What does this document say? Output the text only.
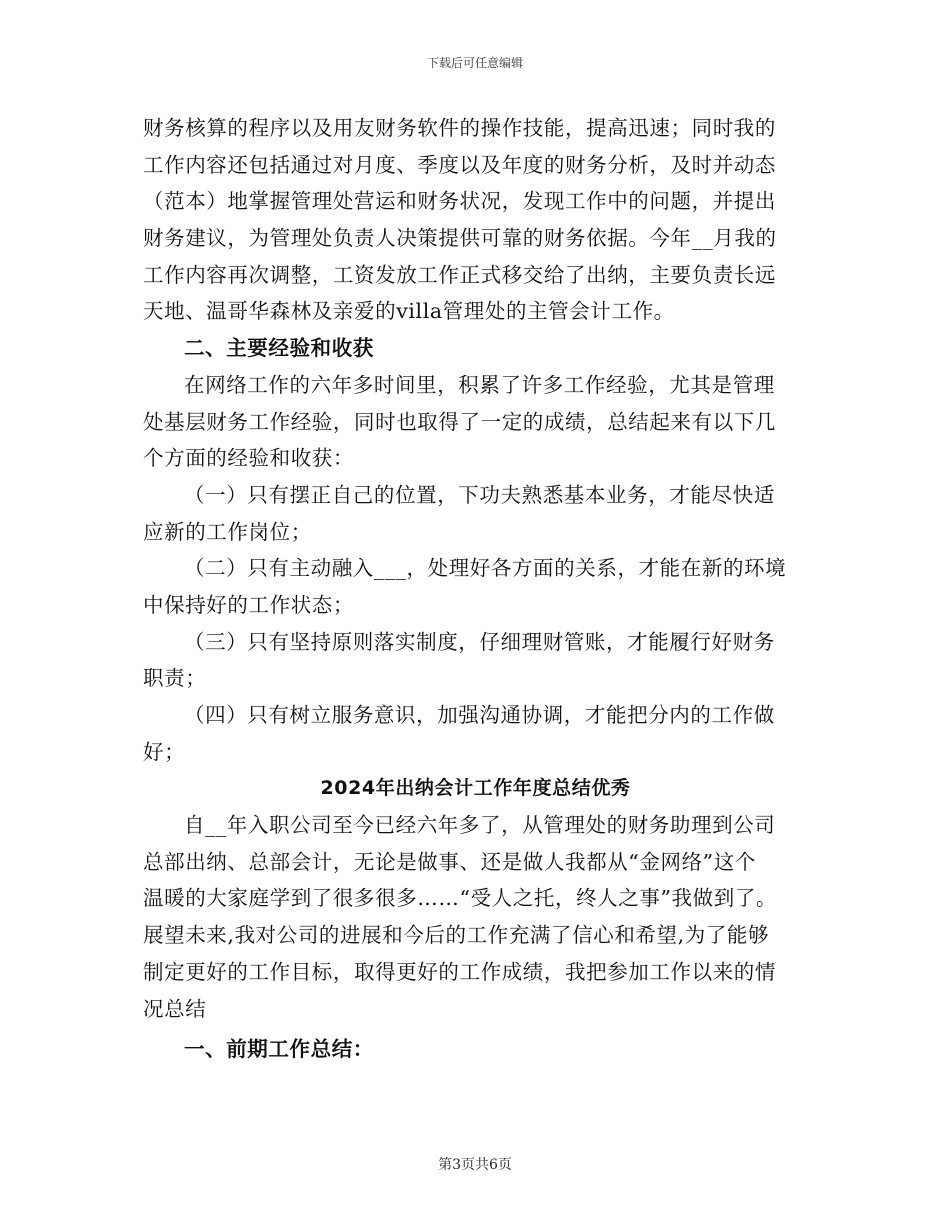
下载后可任意编辑
财务核算的程序以及用友财务软件的操作技能，提高迅速；同时我的
工作内容还包括通过对月度、季度以及年度的财务分析，及时并动态
（范本）地掌握管理处营运和财务状况，发现工作中的问题，并提出
财务建议，为管理处负责人决策提供可靠的财务依据。今年__月我的
工作内容再次调整，工资发放工作正式移交给了出纳，主要负责长远
天地、温哥华森林及亲爱的villa管理处的主管会计工作。
二、主要经验和收获
在网络工作的六年多时间里，积累了许多工作经验，尤其是管理
处基层财务工作经验，同时也取得了一定的成绩，总结起来有以下几
个方面的经验和收获：
（一）只有摆正自己的位置，下功夫熟悉基本业务，才能尽快适
应新的工作岗位；
（二）只有主动融入___，处理好各方面的关系，才能在新的环境
中保持好的工作状态；
（三）只有坚持原则落实制度，仔细理财管账，才能履行好财务
职责；
（四）只有树立服务意识，加强沟通协调，才能把分内的工作做
好；
2024年出纳会计工作年度总结优秀
自__年入职公司至今已经六年多了，从管理处的财务助理到公司
总部出纳、总部会计，无论是做事、还是做人我都从“金网络”这个
温暖的大家庭学到了很多很多……“受人之托，终人之事”我做到了。
展望未来,我对公司的进展和今后的工作充满了信心和希望,为了能够
制定更好的工作目标，取得更好的工作成绩，我把参加工作以来的情
况总结
一、前期工作总结：
第3页共6页
